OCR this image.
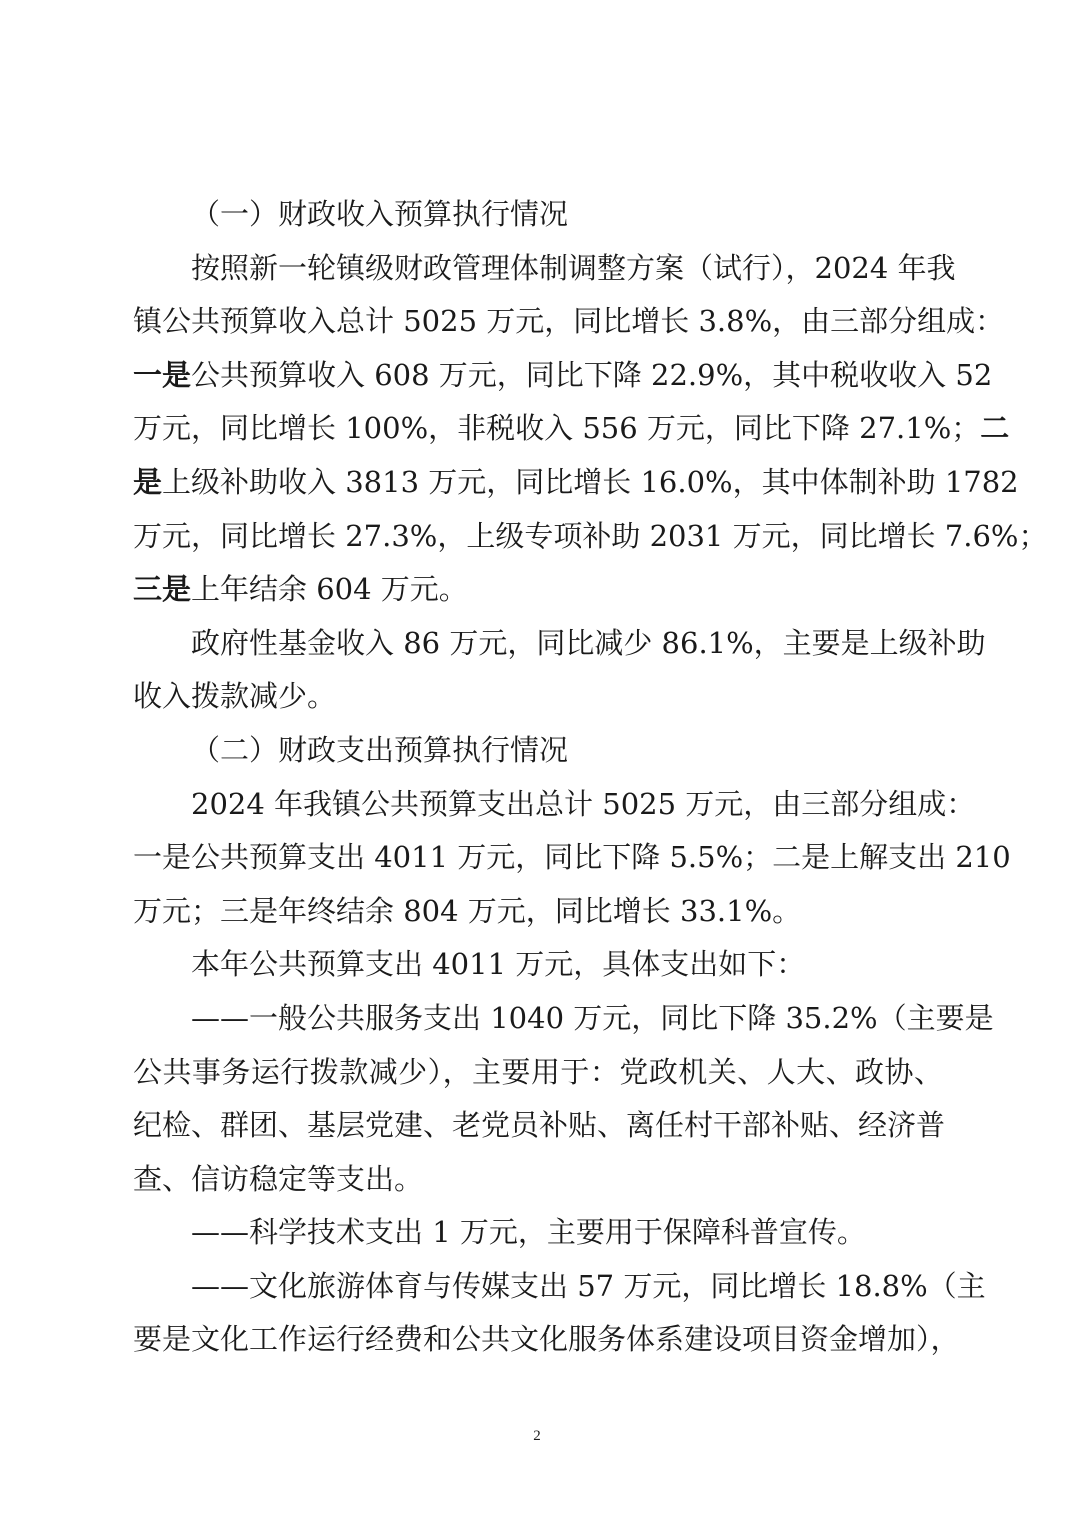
（一）财政收入预算执行情况
按照新一轮镇级财政管理体制调整方案（试行），2024 年我
镇公共预算收入总计 5025 万元，同比增长 3.8%，由三部分组成：
一是公共预算收入 608 万元，同比下降 22.9%，其中税收收入 52
万元，同比增长 100%，非税收入 556 万元，同比下降 27.1%；二
是上级补助收入 3813 万元，同比增长 16.0%，其中体制补助 1782
万元，同比增长 27.3%，上级专项补助 2031 万元，同比增长 7.6%；
三是上年结余 604 万元。
政府性基金收入 86 万元，同比减少 86.1%，主要是上级补助
收入拨款减少。
（二）财政支出预算执行情况
2024 年我镇公共预算支出总计 5025 万元，由三部分组成：
一是公共预算支出 4011 万元，同比下降 5.5%；二是上解支出 210
万元；三是年终结余 804 万元，同比增长 33.1%。
本年公共预算支出 4011 万元，具体支出如下：
——一般公共服务支出 1040 万元，同比下降 35.2%（主要是
公共事务运行拨款减少），主要用于：党政机关、人大、政协、
纪检、群团、基层党建、老党员补贴、离任村干部补贴、经济普
查、信访稳定等支出。
——科学技术支出 1 万元，主要用于保障科普宣传。
——文化旅游体育与传媒支出 57 万元，同比增长 18.8%（主
要是文化工作运行经费和公共文化服务体系建设项目资金增加），
2
